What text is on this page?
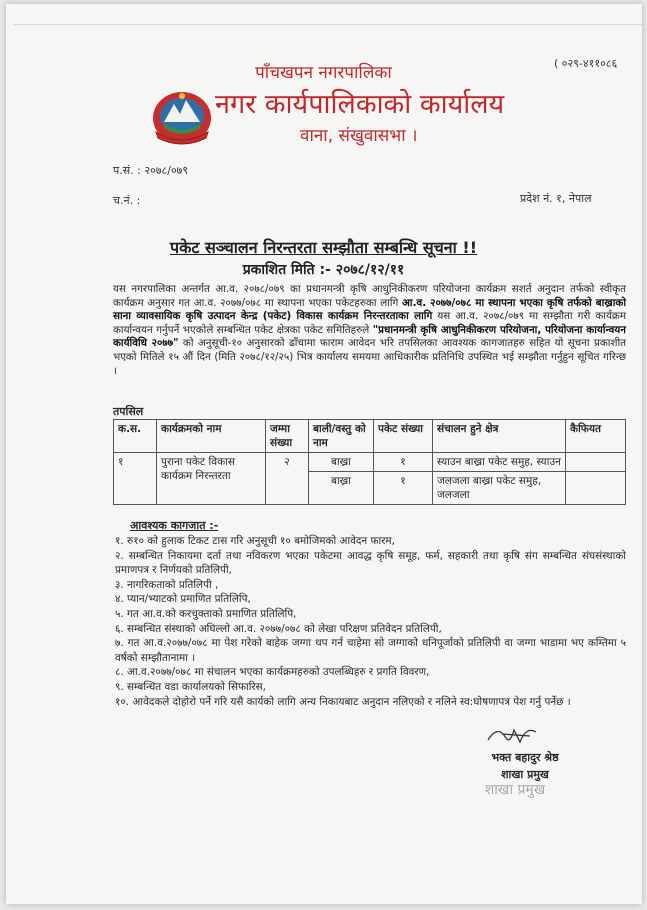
( ०२९-४११०८६
पाँचखपन नगरपालिका
नगर कार्यपालिकाको कार्यालय
वाना, संखुवासभा ।
प.सं. : २०७८/०७९
च.नं. :	प्रदेश नं. १, नेपाल
पकेट सञ्चालन निरन्तरता सम्झौता सम्बन्धि सूचना !!
प्रकाशित मिति :- २०७८/१२/११
यस नगरपालिका अन्तर्गत आ.व. २०७८/०७९ का प्रधानमन्त्री कृषि आधुनिकीकरण परियोजना कार्यक्रम सशर्त अनुदान तर्फको स्वीकृत कार्यक्रम अनुसार गत आ.व. २०७७/०७८ मा स्थापना भएका पकेटहरुका लागि आ.व. २०७७/०७८ मा स्थापना भएका कृषि तर्फको बाख्राको साना व्यावसायिक कृषि उत्पादन केन्द्र (पकेट) विकास कार्यक्रम निरन्तरताका लागि यस आ.व. २०७८/०७९ मा सम्झौता गरी कार्यक्रम कार्यान्वयन गर्नुपर्ने भएकोले सम्बन्धित पकेट क्षेत्रका पकेट समितिहरुले "प्रधानमन्त्री कृषि आधुनिकीकरण परियोजना, परियोजना कार्यान्वयन कार्यविधि २०७७" को अनुसूची-१० अनुसारको ढाँचामा फाराम आवेदन भरि तपसिलका आवश्यक कागजातहरु सहित यो सूचना प्रकाशीत भएको मितिले १५ औं दिन (मिति २०७८/१२/२५) भित्र कार्यालय समयमा आधिकारीक प्रतिनिधि उपस्थित भई सम्झौता गर्नुहुन सूचित गरिन्छ ।
तपसिल
क.स.	कार्यक्रमको नाम	जम्मा संख्या	बाली/वस्तु को नाम	पकेट संख्या	संचालन हुने क्षेत्र	कैफियत
१	पुराना पकेट विकास कार्यक्रम निरन्तरता	२	बाख्रा	१	स्याउन बाख्रा पकेट समुह, स्याउन	
			बाख्रा	१	जलजला बाख्रा पकेट समुह, जलजला	
आवश्यक कागजात :-
१. रु१० को हुलाक टिकट टास गरि अनुसूची १० बमोजिमको आवेदन फारम,
२. सम्बन्धित निकायमा दर्ता तथा नविकरण भएका पकेटमा आवद्ध कृषि समूह, फर्म, सहकारी तथा कृषि संग सम्बन्धित संघसंस्थाको प्रमाणपत्र र निर्णयको प्रतिलिपी,
३. नागरिकताको प्रतिलिपी ,
४. प्यान/भ्याटको प्रमाणित प्रतिलिपि,
५. गत आ.व.को करचुक्ताको प्रमाणित प्रतिलिपि,
६. सम्बन्धित संस्थाको अघिल्लो आ.व. २०७७/०७८ को लेखा परिक्षण प्रतिवेदन प्रतिलिपी,
७. गत आ.व.२०७७/०७८ मा पेश गरेको बाहेक जग्गा थप गर्न चाहेमा सो जग्गाको धनिपूर्जाको प्रतिलिपी वा जग्गा भाडामा भए कम्तिमा ५ वर्षको सम्झौतानामा ।
८. आ.व.२०७७/०७८ मा संचालन भएका कार्यक्रमहरुको उपलब्धिहरु र प्रगति विवरण,
९. सम्बन्धित वडा कार्यालयको सिफारिस,
१०. आवेदकले दोहोरो पर्ने गरि यसै कार्यको लागि अन्य निकायबाट अनुदान नलिएको र नलिने स्व:घोषणापत्र पेश गर्नु पर्नेछ ।
भक्त बहादुर श्रेष्ठ
शाखा प्रमुख
शाखा प्रमुख
